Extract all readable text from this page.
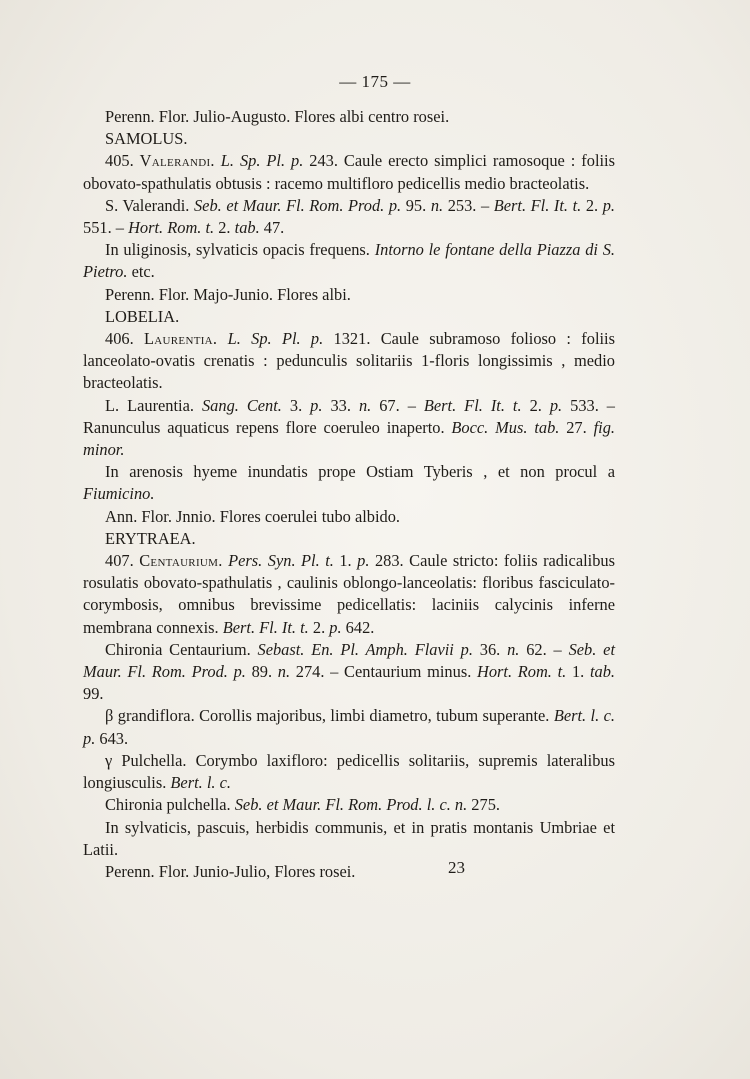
— 175 —

Perenn. Flor. Julio-Augusto. Flores albi centro rosei.

SAMOLUS.

405. Valerandi. L. Sp. Pl. p. 243. Caule erecto simplici ramosoque : foliis obovato-spathulatis obtusis : racemo multifloro pedicellis medio bracteolatis.

S. Valerandi. Seb. et Maur. Fl. Rom. Prod. p. 95. n. 253. – Bert. Fl. It. t. 2. p. 551. – Hort. Rom. t. 2. tab. 47.

In uliginosis, sylvaticis opacis frequens. Intorno le fontane della Piazza di S. Pietro. etc.

Perenn. Flor. Majo-Junio. Flores albi.

LOBELIA.

406. Laurentia. L. Sp. Pl. p. 1321. Caule subramoso folioso : foliis lanceolato-ovatis crenatis : pedunculis solitariis 1-floris longissimis , medio bracteolatis.

L. Laurentia. Sang. Cent. 3. p. 33. n. 67. – Bert. Fl. It. t. 2. p. 533. – Ranunculus aquaticus repens flore coeruleo inaperto. Bocc. Mus. tab. 27. fig. minor.

In arenosis hyeme inundatis prope Ostiam Tyberis , et non procul a Fiumicino.

Ann. Flor. Jnnio. Flores coerulei tubo albido.

ERYTRAEA.

407. Centaurium. Pers. Syn. Pl. t. 1. p. 283. Caule stricto: foliis radicalibus rosulatis obovato-spathulatis , caulinis oblongo-lanceolatis: floribus fasciculato-corymbosis, omnibus brevissime pedicellatis: laciniis calycinis inferne membrana connexis. Bert. Fl. It. t. 2. p. 642.

Chironia Centaurium. Sebast. En. Pl. Amph. Flavii p. 36. n. 62. – Seb. et Maur. Fl. Rom. Prod. p. 89. n. 274. – Centaurium minus. Hort. Rom. t. 1. tab. 99.

β grandiflora. Corollis majoribus, limbi diametro, tubum superante. Bert. l. c. p. 643.

γ Pulchella. Corymbo laxifloro: pedicellis solitariis, supremis lateralibus longiusculis. Bert. l. c.

Chironia pulchella. Seb. et Maur. Fl. Rom. Prod. l. c. n. 275.

In sylvaticis, pascuis, herbidis communis, et in pratis montanis Umbriae et Latii.

Perenn. Flor. Junio-Julio, Flores rosei.	23
